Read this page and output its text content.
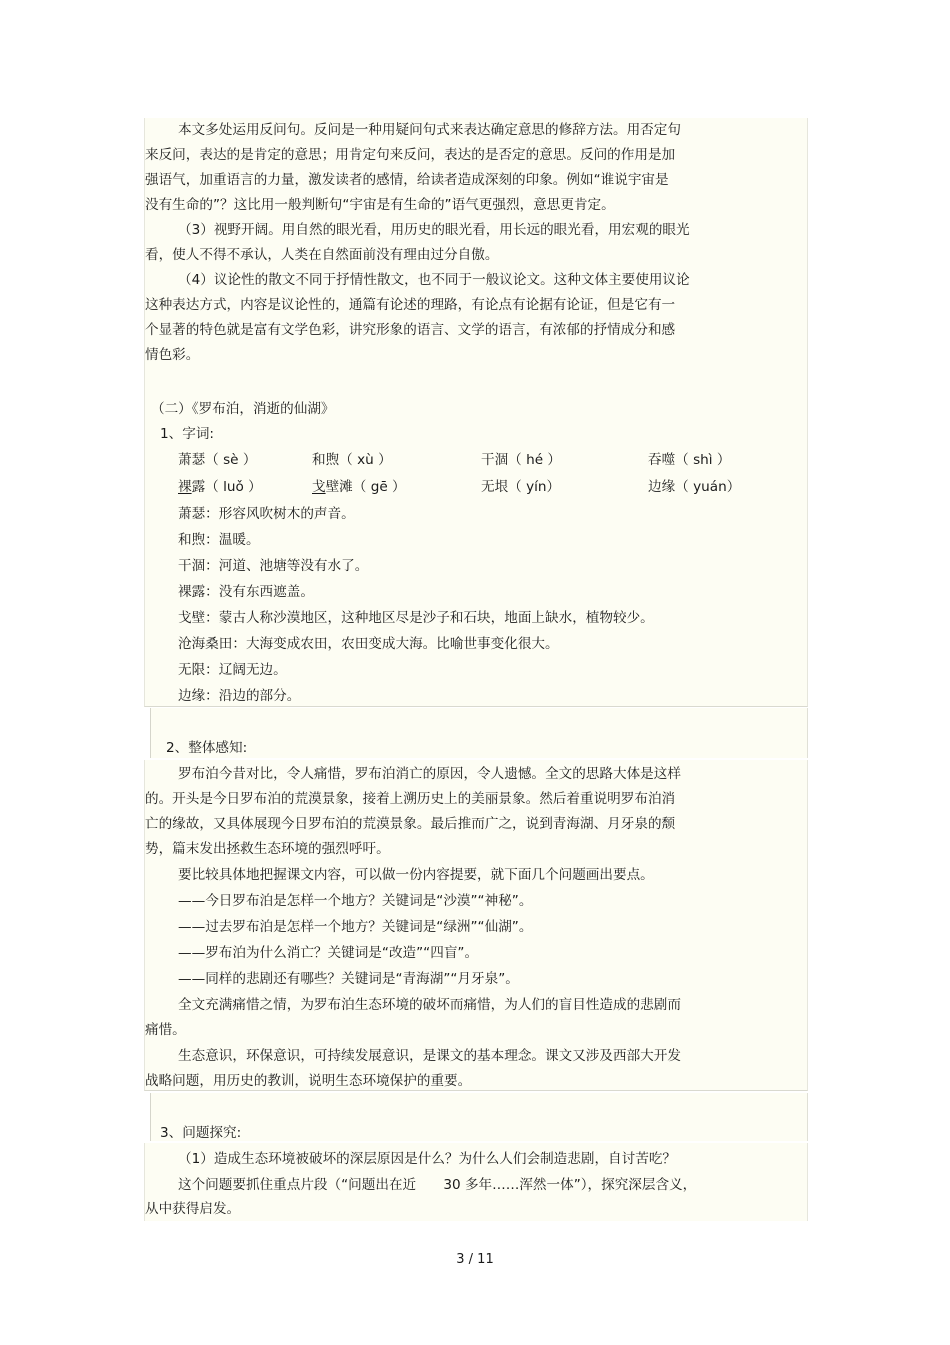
本文多处运用反问句。反问是一种用疑问句式来表达确定意思的修辞方法。用否定句
来反问，表达的是肯定的意思；用肯定句来反问，表达的是否定的意思。反问的作用是加
强语气，加重语言的力量，激发读者的感情，给读者造成深刻的印象。例如“谁说宇宙是
没有生命的”？这比用一般判断句“宇宙是有生命的”语气更强烈，意思更肯定。
（3）视野开阔。用自然的眼光看，用历史的眼光看，用长远的眼光看，用宏观的眼光
看，使人不得不承认，人类在自然面前没有理由过分自傲。
（4）议论性的散文不同于抒情性散文，也不同于一般议论文。这种文体主要使用议论
这种表达方式，内容是议论性的，通篇有论述的理路，有论点有论据有论证，但是它有一
个显著的特色就是富有文学色彩，讲究形象的语言、文学的语言，有浓郁的抒情成分和感
情色彩。
（二）《罗布泊，消逝的仙湖》
1、字词:
萧瑟（ sè ）	和煦（ xù ）	干涸（ hé ）	吞噬（ shì ）
裸露（ luǒ ）	戈壁滩（ gē ）	无垠（ yín）	边缘（ yuán）
萧瑟：形容风吹树木的声音。
和煦：温暖。
干涸：河道、池塘等没有水了。
裸露：没有东西遮盖。
戈壁：蒙古人称沙漠地区，这种地区尽是沙子和石块，地面上缺水，植物较少。
沧海桑田：大海变成农田，农田变成大海。比喻世事变化很大。
无限：辽阔无边。
边缘：沿边的部分。
2、整体感知:
罗布泊今昔对比，令人痛惜，罗布泊消亡的原因，令人遗憾。全文的思路大体是这样
的。开头是今日罗布泊的荒漠景象，接着上溯历史上的美丽景象。然后着重说明罗布泊消
亡的缘故，又具体展现今日罗布泊的荒漠景象。最后推而广之，说到青海湖、月牙泉的颓
势，篇末发出拯救生态环境的强烈呼吁。
要比较具体地把握课文内容，可以做一份内容提要，就下面几个问题画出要点。
——今日罗布泊是怎样一个地方？关键词是“沙漠”“神秘”。
——过去罗布泊是怎样一个地方？关键词是“绿洲”“仙湖”。
——罗布泊为什么消亡？关键词是“改造”“四盲”。
——同样的悲剧还有哪些？关键词是“青海湖”“月牙泉”。
全文充满痛惜之情，为罗布泊生态环境的破坏而痛惜，为人们的盲目性造成的悲剧而
痛惜。
生态意识，环保意识，可持续发展意识，是课文的基本理念。课文又涉及西部大开发
战略问题，用历史的教训，说明生态环境保护的重要。
3、问题探究:
（1）造成生态环境被破坏的深层原因是什么？为什么人们会制造悲剧，自讨苦吃？
这个问题要抓住重点片段（“问题出在近　　30 多年……浑然一体”），探究深层含义，
从中获得启发。
3 / 11
